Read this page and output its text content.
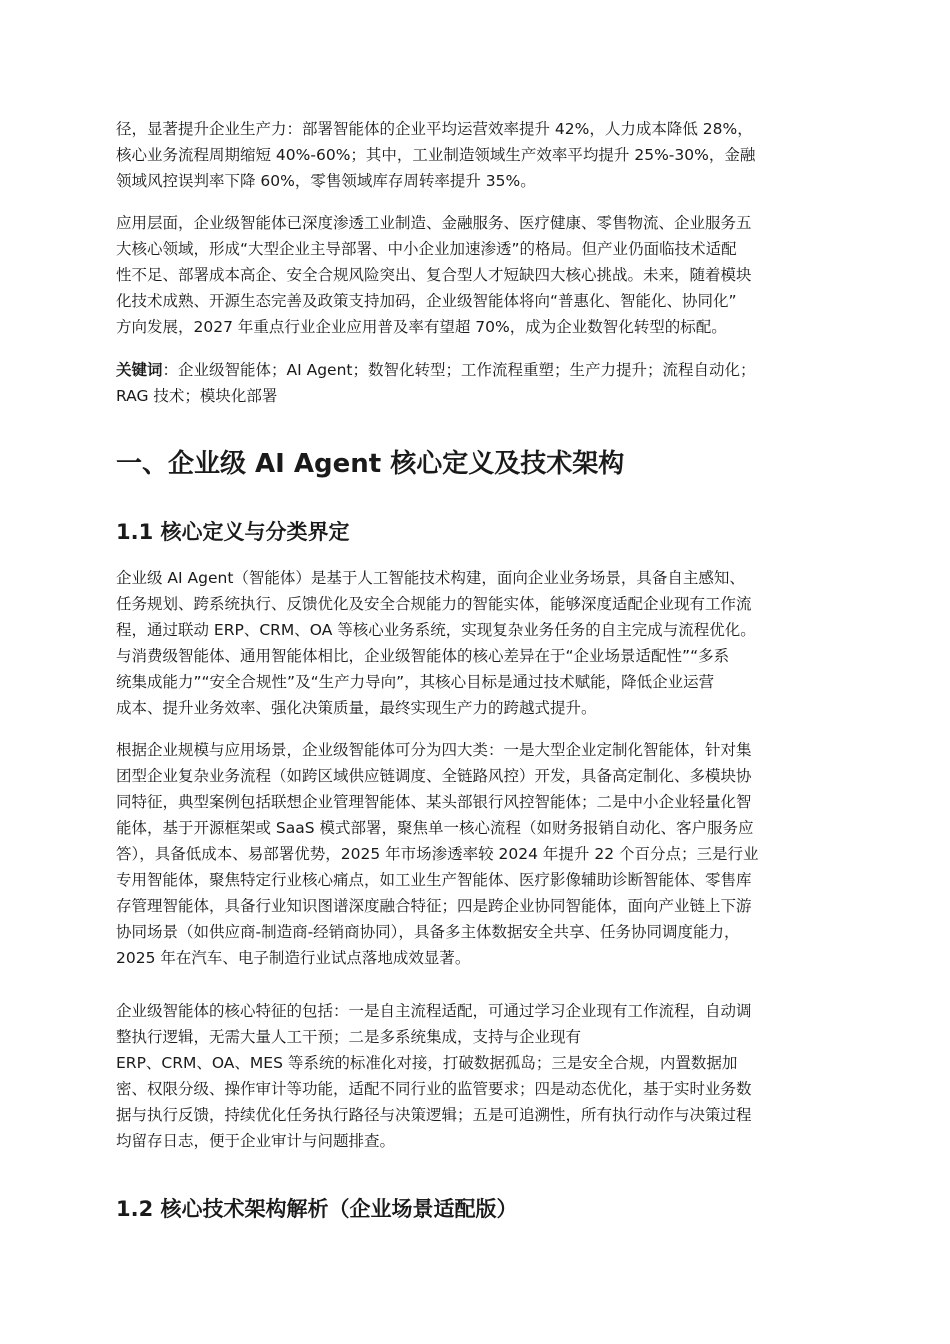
径，显著提升企业生产力：部署智能体的企业平均运营效率提升 42%，人力成本降低 28%，
核心业务流程周期缩短 40%-60%；其中，工业制造领域生产效率平均提升 25%-30%，金融
领域风控误判率下降 60%，零售领域库存周转率提升 35%。

应用层面，企业级智能体已深度渗透工业制造、金融服务、医疗健康、零售物流、企业服务五
大核心领域，形成“大型企业主导部署、中小企业加速渗透”的格局。但产业仍面临技术适配
性不足、部署成本高企、安全合规风险突出、复合型人才短缺四大核心挑战。未来，随着模块
化技术成熟、开源生态完善及政策支持加码，企业级智能体将向“普惠化、智能化、协同化”
方向发展，2027 年重点行业企业应用普及率有望超 70%，成为企业数智化转型的标配。

关键词：企业级智能体；AI Agent；数智化转型；工作流程重塑；生产力提升；流程自动化；
RAG 技术；模块化部署

一、企业级 AI Agent 核心定义及技术架构
1.1 核心定义与分类界定

企业级 AI Agent（智能体）是基于人工智能技术构建，面向企业业务场景，具备自主感知、
任务规划、跨系统执行、反馈优化及安全合规能力的智能实体，能够深度适配企业现有工作流
程，通过联动 ERP、CRM、OA 等核心业务系统，实现复杂业务任务的自主完成与流程优化。
与消费级智能体、通用智能体相比，企业级智能体的核心差异在于“企业场景适配性”“多系
统集成能力”“安全合规性”及“生产力导向”，其核心目标是通过技术赋能，降低企业运营
成本、提升业务效率、强化决策质量，最终实现生产力的跨越式提升。

根据企业规模与应用场景，企业级智能体可分为四大类：一是大型企业定制化智能体，针对集
团型企业复杂业务流程（如跨区域供应链调度、全链路风控）开发，具备高定制化、多模块协
同特征，典型案例包括联想企业管理智能体、某头部银行风控智能体；二是中小企业轻量化智
能体，基于开源框架或 SaaS 模式部署，聚焦单一核心流程（如财务报销自动化、客户服务应
答），具备低成本、易部署优势，2025 年市场渗透率较 2024 年提升 22 个百分点；三是行业
专用智能体，聚焦特定行业核心痛点，如工业生产智能体、医疗影像辅助诊断智能体、零售库
存管理智能体，具备行业知识图谱深度融合特征；四是跨企业协同智能体，面向产业链上下游
协同场景（如供应商-制造商-经销商协同），具备多主体数据安全共享、任务协同调度能力，
2025 年在汽车、电子制造行业试点落地成效显著。

企业级智能体的核心特征的包括：一是自主流程适配，可通过学习企业现有工作流程，自动调
整执行逻辑，无需大量人工干预；二是多系统集成，支持与企业现有
ERP、CRM、OA、MES 等系统的标准化对接，打破数据孤岛；三是安全合规，内置数据加
密、权限分级、操作审计等功能，适配不同行业的监管要求；四是动态优化，基于实时业务数
据与执行反馈，持续优化任务执行路径与决策逻辑；五是可追溯性，所有执行动作与决策过程
均留存日志，便于企业审计与问题排查。

1.2 核心技术架构解析（企业场景适配版）
